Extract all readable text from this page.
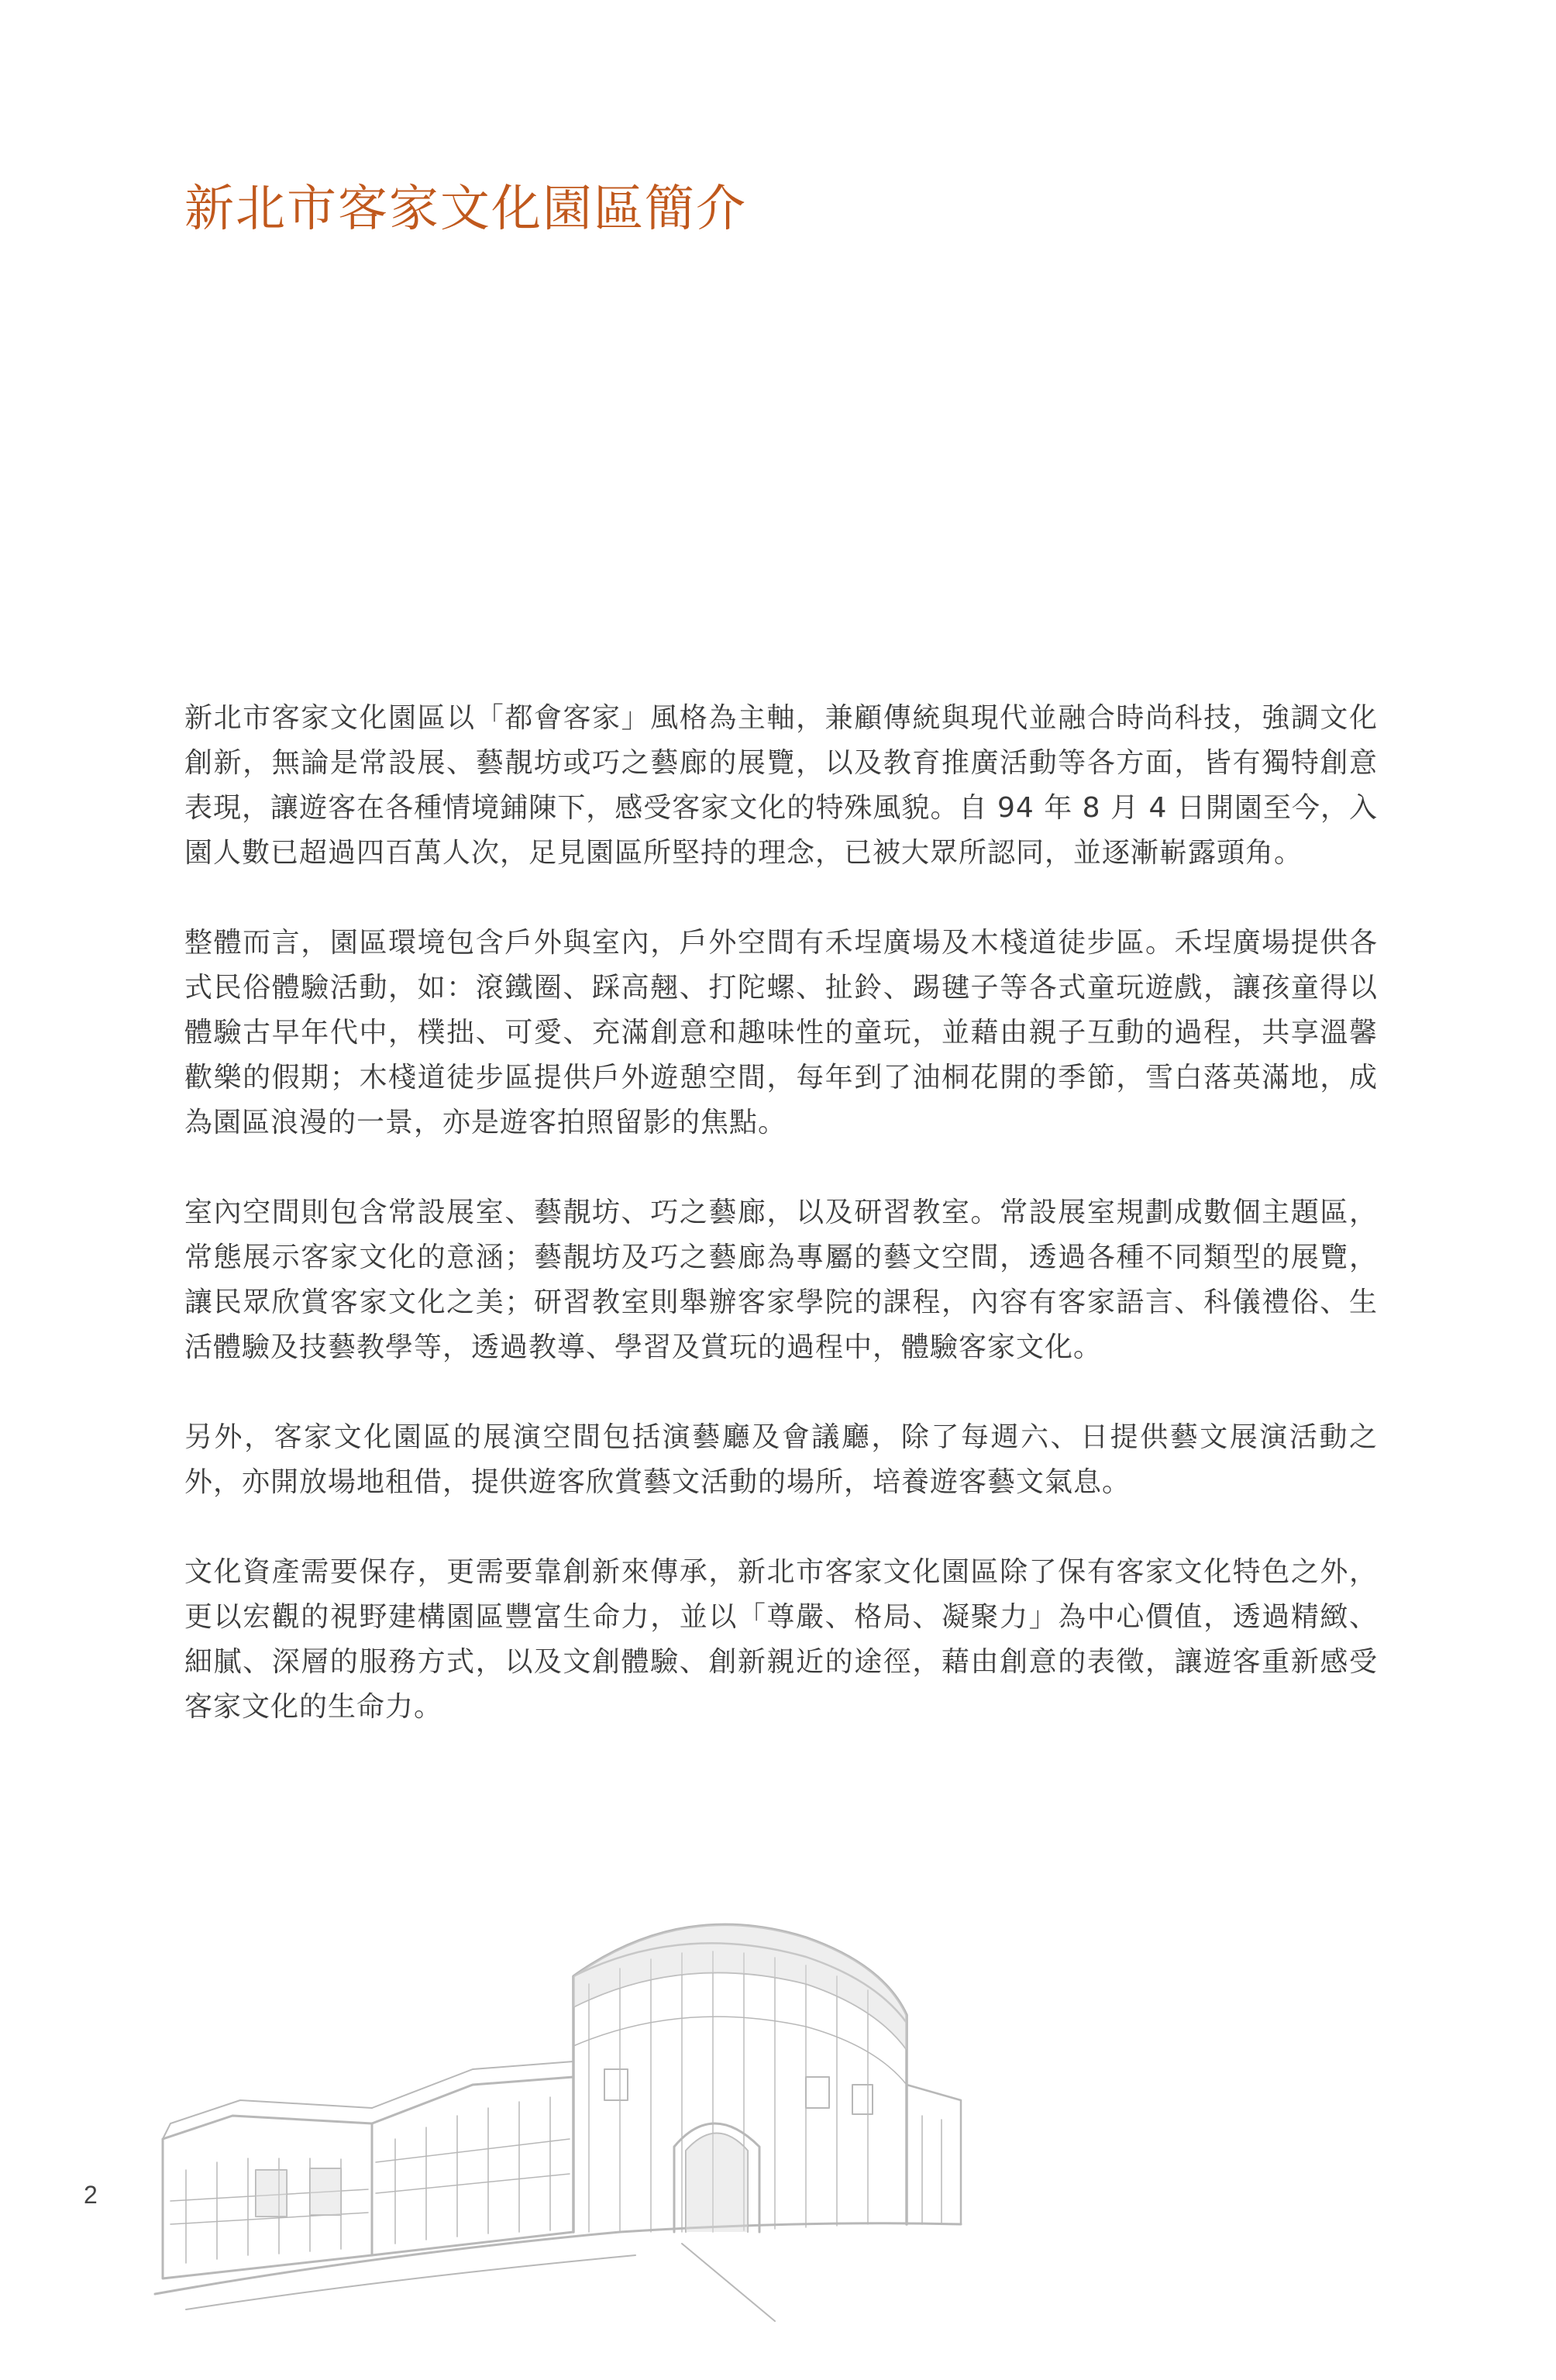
新北市客家文化園區簡介

新北市客家文化園區以「都會客家」風格為主軸，兼顧傳統與現代並融合時尚科技，強調文化創新，無論是常設展、藝靚坊或巧之藝廊的展覽，以及教育推廣活動等各方面，皆有獨特創意表現，讓遊客在各種情境鋪陳下，感受客家文化的特殊風貌。自 94 年 8 月 4 日開園至今，入園人數已超過四百萬人次，足見園區所堅持的理念，已被大眾所認同，並逐漸嶄露頭角。

整體而言，園區環境包含戶外與室內，戶外空間有禾埕廣場及木棧道徒步區。禾埕廣場提供各式民俗體驗活動，如：滾鐵圈、踩高翹、打陀螺、扯鈴、踢毽子等各式童玩遊戲，讓孩童得以體驗古早年代中，樸拙、可愛、充滿創意和趣味性的童玩，並藉由親子互動的過程，共享溫馨歡樂的假期；木棧道徒步區提供戶外遊憩空間，每年到了油桐花開的季節，雪白落英滿地，成為園區浪漫的一景，亦是遊客拍照留影的焦點。

室內空間則包含常設展室、藝靚坊、巧之藝廊，以及研習教室。常設展室規劃成數個主題區，常態展示客家文化的意涵；藝靚坊及巧之藝廊為專屬的藝文空間，透過各種不同類型的展覽，讓民眾欣賞客家文化之美；研習教室則舉辦客家學院的課程，內容有客家語言、科儀禮俗、生活體驗及技藝教學等，透過教導、學習及賞玩的過程中，體驗客家文化。

另外，客家文化園區的展演空間包括演藝廳及會議廳，除了每週六、日提供藝文展演活動之外，亦開放場地租借，提供遊客欣賞藝文活動的場所，培養遊客藝文氣息。

文化資產需要保存，更需要靠創新來傳承，新北市客家文化園區除了保有客家文化特色之外，更以宏觀的視野建構園區豐富生命力，並以「尊嚴、格局、凝聚力」為中心價值，透過精緻、細膩、深層的服務方式，以及文創體驗、創新親近的途徑，藉由創意的表徵，讓遊客重新感受客家文化的生命力。

2
